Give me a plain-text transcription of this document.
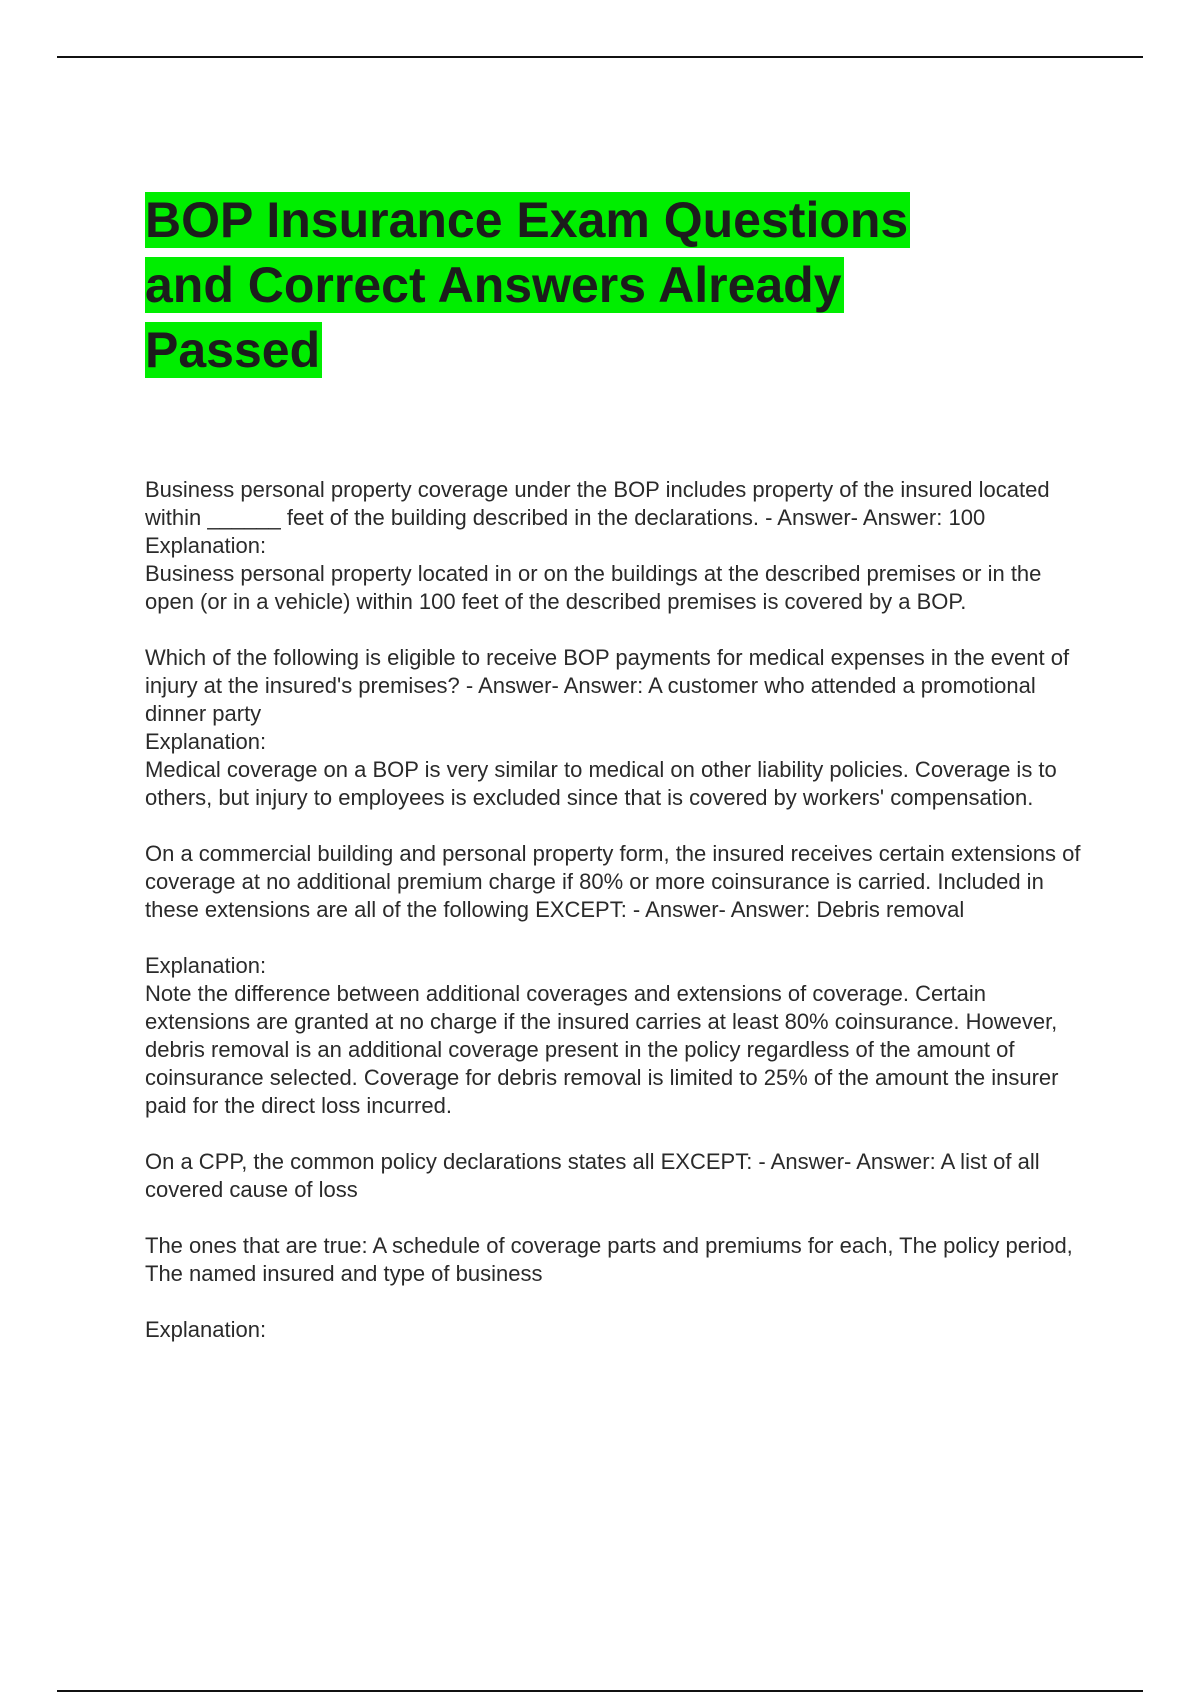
BOP Insurance Exam Questions
and Correct Answers Already
Passed

Business personal property coverage under the BOP includes property of the insured located within ______ feet of the building described in the declarations. - Answer- Answer: 100

Explanation:

Business personal property located in or on the buildings at the described premises or in the open (or in a vehicle) within 100 feet of the described premises is covered by a BOP.

Which of the following is eligible to receive BOP payments for medical expenses in the event of injury at the insured's premises? - Answer- Answer: A customer who attended a promotional dinner party

Explanation:

Medical coverage on a BOP is very similar to medical on other liability policies. Coverage is to others, but injury to employees is excluded since that is covered by workers' compensation.

On a commercial building and personal property form, the insured receives certain extensions of coverage at no additional premium charge if 80% or more coinsurance is carried. Included in these extensions are all of the following EXCEPT: - Answer- Answer: Debris removal

Explanation:

Note the difference between additional coverages and extensions of coverage. Certain extensions are granted at no charge if the insured carries at least 80% coinsurance. However, debris removal is an additional coverage present in the policy regardless of the amount of coinsurance selected. Coverage for debris removal is limited to 25% of the amount the insurer paid for the direct loss incurred.

On a CPP, the common policy declarations states all EXCEPT: - Answer- Answer: A list of all covered cause of loss

The ones that are true: A schedule of coverage parts and premiums for each, The policy period, The named insured and type of business

Explanation:
